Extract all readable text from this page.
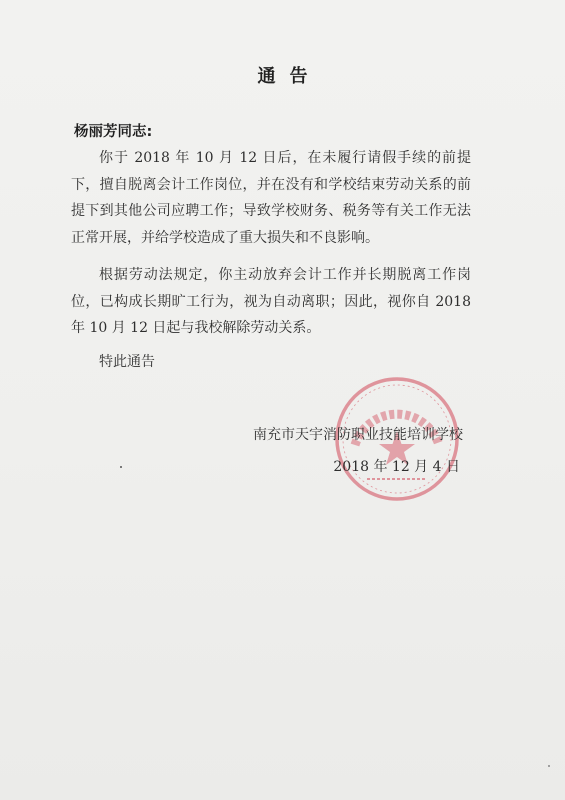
通告
杨丽芳同志:

你于 2018 年 10 月 12 日后，在未履行请假手续的前提下，擅自脱离会计工作岗位，并在没有和学校结束劳动关系的前提下到其他公司应聘工作；导致学校财务、税务等有关工作无法正常开展，并给学校造成了重大损失和不良影响。

根据劳动法规定，你主动放弃会计工作并长期脱离工作岗位，已构成长期旷工行为，视为自动离职；因此，视你自 2018 年 10 月 12 日起与我校解除劳动关系。

特此通告
南充市天宇消防职业技能培训学校
2018 年 12 月 4 日
